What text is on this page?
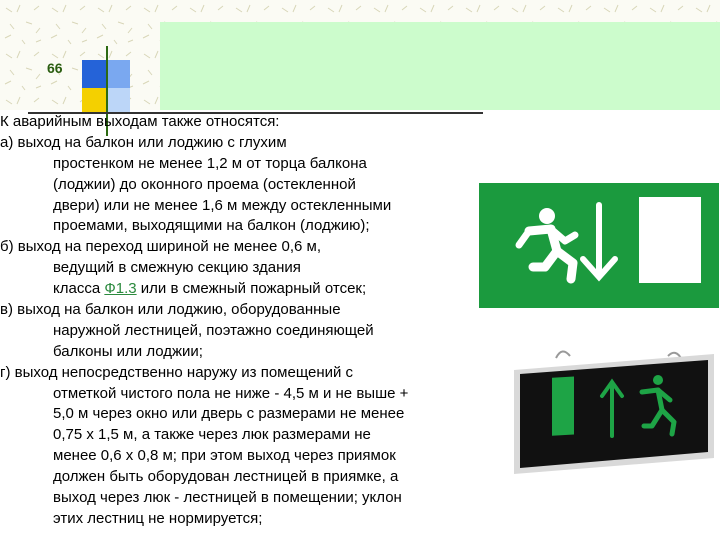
66
К аварийным выходам также относятся:
а) выход на балкон или лоджию с глухим
простенком не менее 1,2 м от торца балкона
(лоджии) до оконного проема (остекленной
двери) или не менее 1,6 м между остекленными
проемами, выходящими на балкон (лоджию);
б) выход на переход шириной не менее 0,6 м,
ведущий в смежную секцию здания
класса Ф1.3 или в смежный пожарный отсек;
в) выход на балкон или лоджию, оборудованные
наружной лестницей, поэтажно соединяющей
балконы или лоджии;
г) выход непосредственно наружу из помещений с
отметкой чистого пола не ниже - 4,5 м и не выше +
5,0 м через окно или дверь с размерами не менее
0,75 х 1,5 м, а также через люк размерами не
менее 0,6 х 0,8 м; при этом выход через приямок
должен быть оборудован лестницей в приямке, а
выход через люк - лестницей в помещении; уклон
этих лестниц не нормируется;
